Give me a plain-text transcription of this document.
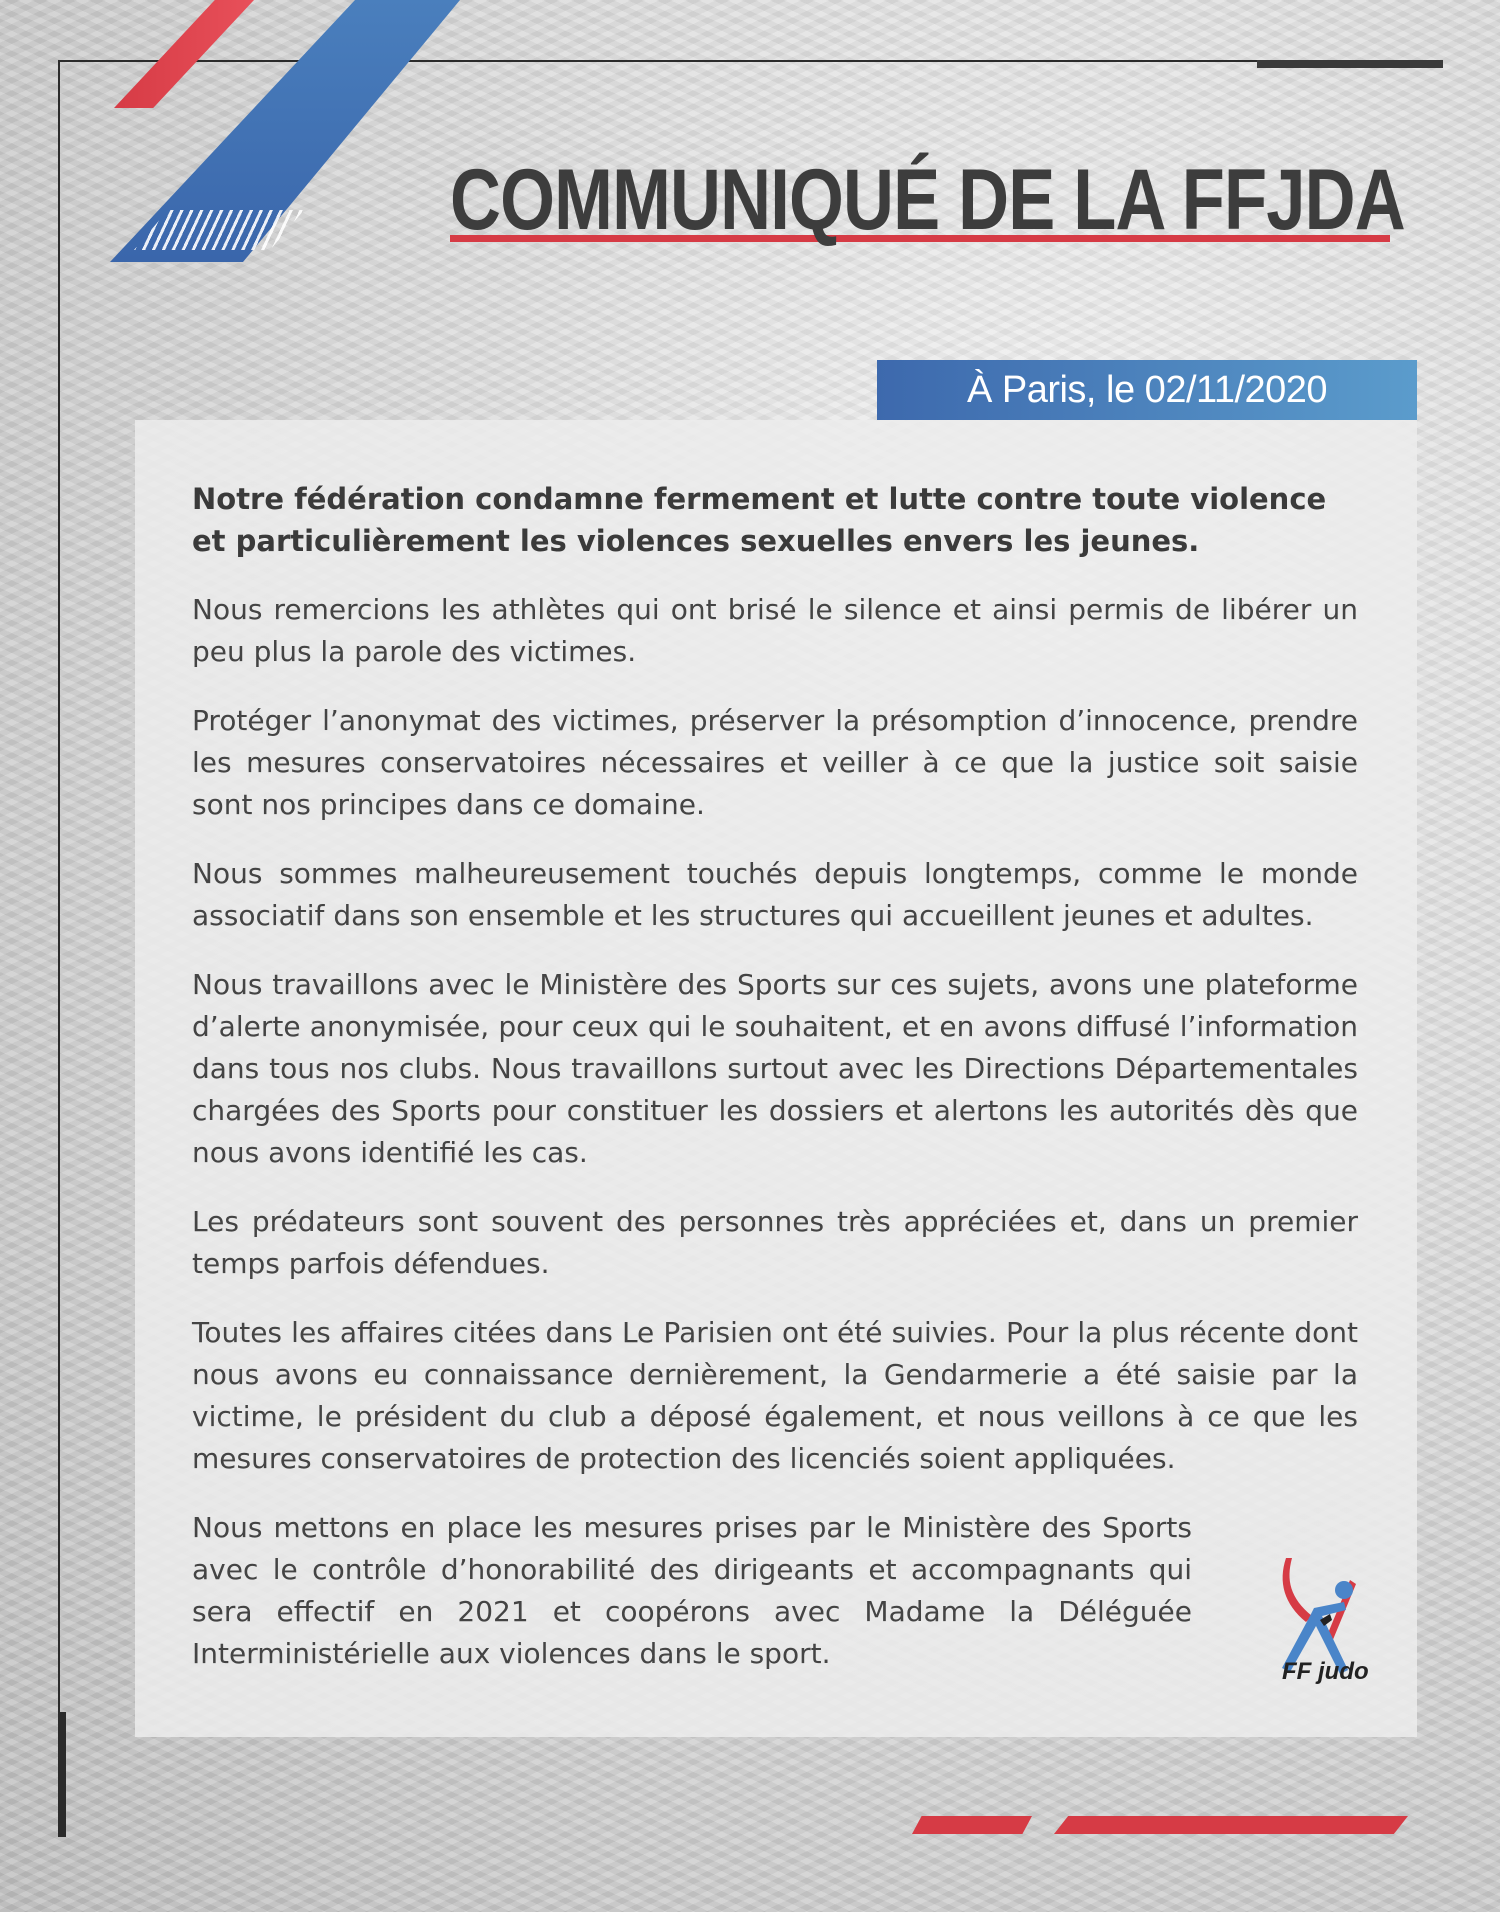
COMMUNIQUÉ DE LA FFJDA
À Paris, le 02/11/2020

Notre fédération condamne fermement et lutte contre toute violence et particulièrement les violences sexuelles envers les jeunes.

Nous remercions les athlètes qui ont brisé le silence et ainsi permis de libérer un peu plus la parole des victimes.

Protéger l’anonymat des victimes, préserver la présomption d’innocence, prendre les mesures conservatoires nécessaires et veiller à ce que la justice soit saisie sont nos principes dans ce domaine.

Nous sommes malheureusement touchés depuis longtemps, comme le monde associatif dans son ensemble et les structures qui accueillent jeunes et adultes.

Nous travaillons avec le Ministère des Sports sur ces sujets, avons une plateforme d’alerte anonymisée, pour ceux qui le souhaitent, et en avons diffusé l’information dans tous nos clubs. Nous travaillons surtout avec les Directions Départementales chargées des Sports pour constituer les dossiers et alertons les autorités dès que nous avons identifié les cas.

Les prédateurs sont souvent des personnes très appréciées et, dans un premier temps parfois défendues.

Toutes les affaires citées dans Le Parisien ont été suivies. Pour la plus récente dont nous avons eu connaissance dernièrement, la Gendarmerie a été saisie par la victime, le président du club a déposé également, et nous veillons à ce que les mesures conservatoires de protection des licenciés soient appliquées.

Nous mettons en place les mesures prises par le Ministère des Sports avec le contrôle d’honorabilité des dirigeants et accompagnants qui sera effectif en 2021 et coopérons avec Madame la Déléguée Interministérielle aux violences dans le sport.

FF judo
